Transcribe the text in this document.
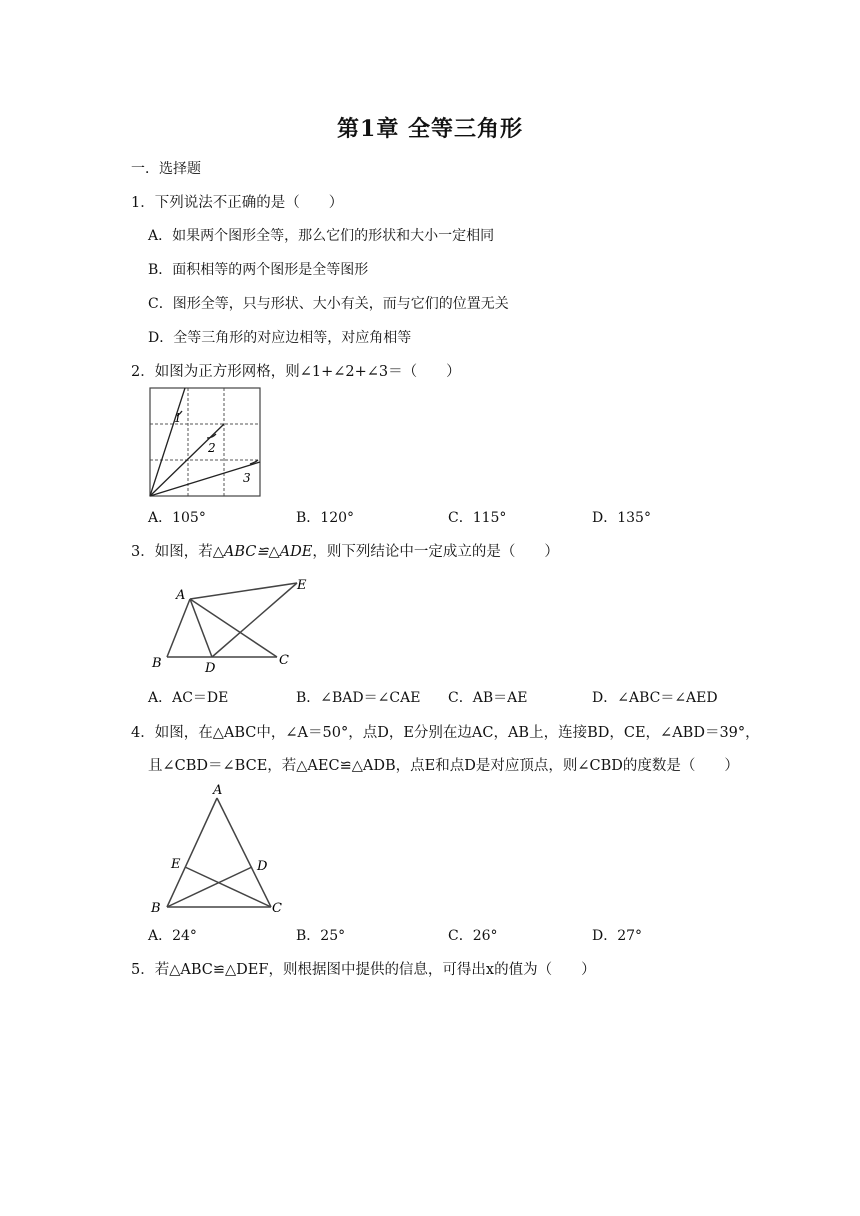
第1章 全等三角形
一．选择题
1．下列说法不正确的是（　　）
A．如果两个图形全等，那么它们的形状和大小一定相同
B．面积相等的两个图形是全等图形
C．图形全等，只与形状、大小有关，而与它们的位置无关
D．全等三角形的对应边相等，对应角相等
2．如图为正方形网格，则∠1+∠2+∠3＝（　　）
1
2
3
A．105°	B．120°	C．115°	D．135°
3．如图，若△ABC≌△ADE，则下列结论中一定成立的是（　　）
A
B	C
D
E
A．AC＝DE	B．∠BAD＝∠CAE C．AB＝AE	D．∠ABC＝∠AED
4．如图，在△ABC中，∠A＝50°，点D，E分别在边AC，AB上，连接BD，CE，∠ABD＝39°，
且∠CBD＝∠BCE，若△AEC≌△ADB，点E和点D是对应顶点，则∠CBD的度数是（　　）
A
B	C
D
E
A．24°	B．25°	C．26°	D．27°
5．若△ABC≌△DEF，则根据图中提供的信息，可得出x的值为（　　）
